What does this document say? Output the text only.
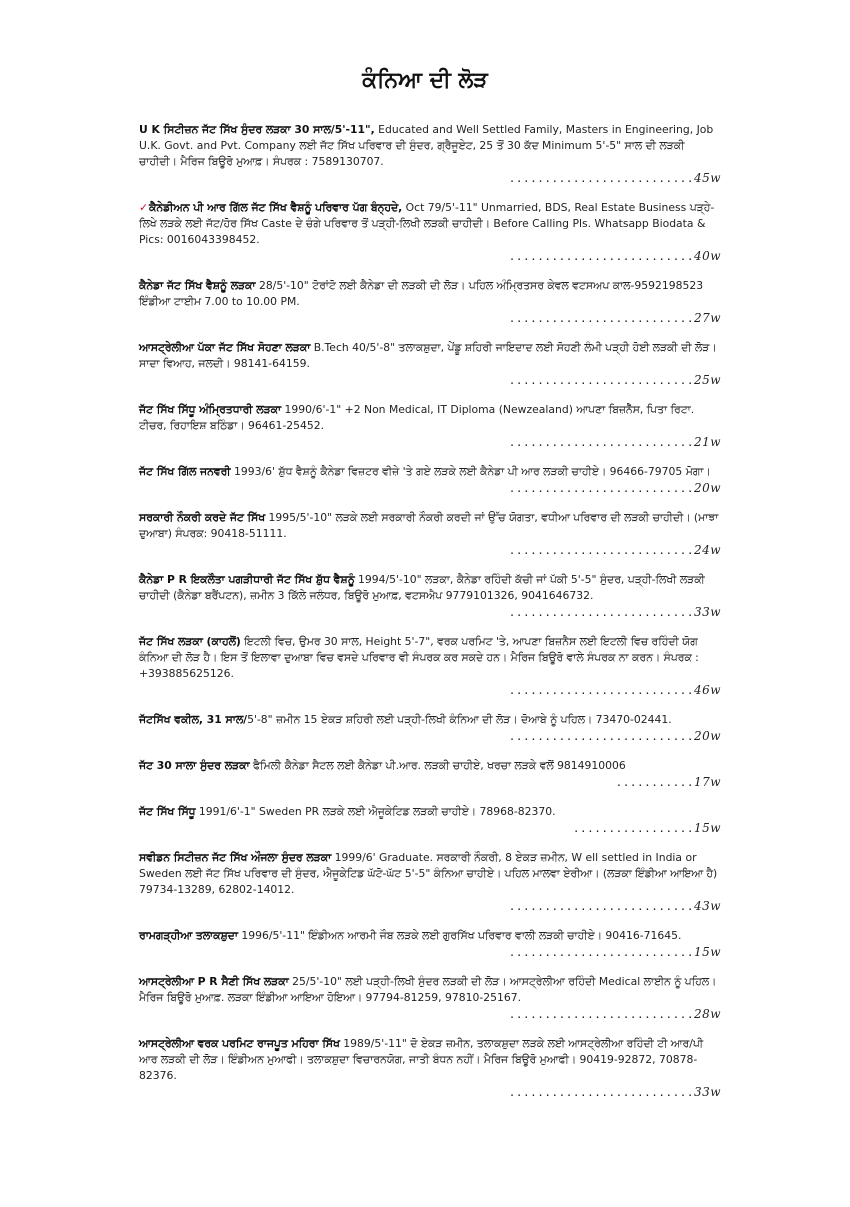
ਕੰਨਿਆ ਦੀ ਲੋੜ
U K ਸਿਟੀਜ਼ਨ ਜੱਟ ਸਿੱਖ ਸੁੰਦਰ ਲੜਕਾ 30 ਸਾਲ/5'-11", Educated and Well Settled Family, Masters in Engineering, Job U.K. Govt. and Pvt. Company ਲਈ ਜੱਟ ਸਿੱਖ ਪਰਿਵਾਰ ਦੀ ਸੁੰਦਰ, ਗ੍ਰੈਜੂਏਟ, 25 ਤੋਂ 30 ਕੱਦ Minimum 5'-5" ਸਾਲ ਦੀ ਲੜਕੀ ਚਾਹੀਦੀ। ਮੈਰਿਜ ਬਿਊਰੋ ਮੁਆਫ਼। ਸੰਪਰਕ : 7589130707.
..........................45w
✓ਕੈਨੇਡੀਅਨ ਪੀ ਆਰ ਗਿੱਲ ਜੱਟ ਸਿੱਖ ਵੈਸ਼ਨੂੰ ਪਰਿਵਾਰ ਪੱਗ ਬੰਨ੍ਹਦੇ, Oct 79/5'-11" Unmarried, BDS, Real Estate Business ਪੜ੍ਹੇ-ਲਿਖੇ ਲੜਕੇ ਲਈ ਜੱਟ/ਹੋਰ ਸਿੱਖ Caste ਦੇ ਚੰਗੇ ਪਰਿਵਾਰ ਤੋਂ ਪੜ੍ਹੀ-ਲਿਖੀ ਲੜਕੀ ਚਾਹੀਦੀ। Before Calling Pls. Whatsapp Biodata & Pics: 0016043398452.
..........................40w
ਕੈਨੇਡਾ ਜੱਟ ਸਿੱਖ ਵੈਸ਼ਨੂੰ ਲੜਕਾ 28/5'-10" ਟੋਰਾਂਟੋ ਲਈ ਕੈਨੇਡਾ ਦੀ ਲੜਕੀ ਦੀ ਲੋੜ। ਪਹਿਲ ਅੰਮ੍ਰਿਤਸਰ ਕੇਵਲ ਵਟਸਅਪ ਕਾਲ-9592198523 ਇੰਡੀਆ ਟਾਈਮ 7.00 to 10.00 PM.
..........................27w
ਆਸਟ੍ਰੇਲੀਆ ਪੱਕਾ ਜੱਟ ਸਿੱਖ ਸੋਹਣਾ ਲੜਕਾ B.Tech 40/5'-8" ਤਲਾਕਸ਼ੁਦਾ, ਪੇਂਡੂ ਸ਼ਹਿਰੀ ਜਾਇਦਾਦ ਲਈ ਸੋਹਣੀ ਲੰਮੀ ਪੜ੍ਹੀ ਹੋਈ ਲੜਕੀ ਦੀ ਲੋੜ। ਸਾਦਾ ਵਿਆਹ, ਜਲਦੀ। 98141-64159.
..........................25w
ਜੱਟ ਸਿੱਖ ਸਿੱਧੂ ਅੰਮ੍ਰਿਤਧਾਰੀ ਲੜਕਾ 1990/6'-1" +2 Non Medical, IT Diploma (Newzealand) ਆਪਣਾ ਬਿਜ਼ਨੈੱਸ, ਪਿਤਾ ਰਿਟਾ. ਟੀਚਰ, ਰਿਹਾਇਸ਼ ਬਠਿੰਡਾ। 96461-25452.
..........................21w
ਜੱਟ ਸਿੱਖ ਗਿੱਲ ਜਨਵਰੀ 1993/6' ਸ਼ੁੱਧ ਵੈਸ਼ਨੂੰ ਕੈਨੇਡਾ ਵਿਜ਼ਟਰ ਵੀਜ਼ੇ 'ਤੇ ਗਏ ਲੜਕੇ ਲਈ ਕੈਨੇਡਾ ਪੀ ਆਰ ਲੜਕੀ ਚਾਹੀਏ। 96466-79705 ਮੋਗਾ।
..........................20w
ਸਰਕਾਰੀ ਨੌਕਰੀ ਕਰਦੇ ਜੱਟ ਸਿੱਖ 1995/5'-10" ਲੜਕੇ ਲਈ ਸਰਕਾਰੀ ਨੌਕਰੀ ਕਰਦੀ ਜਾਂ ਉੱਚ ਯੋਗਤਾ, ਵਧੀਆ ਪਰਿਵਾਰ ਦੀ ਲੜਕੀ ਚਾਹੀਦੀ। (ਮਾਝਾ ਦੁਆਬਾ) ਸੰਪਰਕ: 90418-51111.
..........................24w
ਕੈਨੇਡਾ P R ਇਕਲੌਤਾ ਪਗੜੀਧਾਰੀ ਜੱਟ ਸਿੱਖ ਸ਼ੁੱਧ ਵੈਸ਼ਨੂੰ 1994/5'-10" ਲੜਕਾ, ਕੈਨੇਡਾ ਰਹਿੰਦੀ ਕੱਚੀ ਜਾਂ ਪੱਕੀ 5'-5" ਸੁੰਦਰ, ਪੜ੍ਹੀ-ਲਿਖੀ ਲੜਕੀ ਚਾਹੀਦੀ (ਕੈਨੇਡਾ ਬਰੈਂਪਟਨ), ਜ਼ਮੀਨ 3 ਕਿੱਲੇ ਜਲੰਧਰ, ਬਿਊਰੋ ਮੁਆਫ਼, ਵਟਸਐਪ 9779101326, 9041646732.
..........................33w
ਜੱਟ ਸਿੱਖ ਲੜਕਾ (ਕਾਹਲੋਂ) ਇਟਲੀ ਵਿਚ, ਉਮਰ 30 ਸਾਲ, Height 5'-7", ਵਰਕ ਪਰਮਿਟ 'ਤੇ, ਆਪਣਾ ਬਿਜ਼ਨੈਸ ਲਈ ਇਟਲੀ ਵਿਚ ਰਹਿੰਦੀ ਯੋਗ ਕੰਨਿਆ ਦੀ ਲੋੜ ਹੈ। ਇਸ ਤੋਂ ਇਲਾਵਾ ਦੁਆਬਾ ਵਿਚ ਵਸਦੇ ਪਰਿਵਾਰ ਵੀ ਸੰਪਰਕ ਕਰ ਸਕਦੇ ਹਨ। ਮੈਰਿਜ ਬਿਊਰੋ ਵਾਲੇ ਸੰਪਰਕ ਨਾ ਕਰਨ। ਸੰਪਰਕ : +393885625126.
..........................46w
ਜੱਟਸਿੱਖ ਵਕੀਲ, 31 ਸਾਲ/5'-8" ਜ਼ਮੀਨ 15 ਏਕੜ ਸ਼ਹਿਰੀ ਲਈ ਪੜ੍ਹੀ-ਲਿਖੀ ਕੰਨਿਆ ਦੀ ਲੋੜ। ਦੋਆਬੇ ਨੂੰ ਪਹਿਲ। 73470-02441.
..........................20w
ਜੱਟ 30 ਸਾਲਾ ਸੁੰਦਰ ਲੜਕਾ ਫੈਮਿਲੀ ਕੈਨੇਡਾ ਸੈਟਲ ਲਈ ਕੈਨੇਡਾ ਪੀ.ਆਰ. ਲੜਕੀ ਚਾਹੀਏ, ਖਰਚਾ ਲੜਕੇ ਵਲੋਂ 9814910006
...........17w
ਜੱਟ ਸਿੱਖ ਸਿੱਧੂ 1991/6'-1" Sweden PR ਲੜਕੇ ਲਈ ਐਜੂਕੇਟਿਡ ਲੜਕੀ ਚਾਹੀਏ। 78968-82370.
.................15w
ਸਵੀਡਨ ਸਿਟੀਜ਼ਨ ਜੱਟ ਸਿੱਖ ਔਜਲਾ ਸੁੰਦਰ ਲੜਕਾ 1999/6' Graduate. ਸਰਕਾਰੀ ਨੌਕਰੀ, 8 ਏਕੜ ਜ਼ਮੀਨ, W ell settled in India or Sweden ਲਈ ਜੱਟ ਸਿੱਖ ਪਰਿਵਾਰ ਦੀ ਸੁੰਦਰ, ਐਜੂਕੇਟਿਡ ਘੱਟੋ-ਘੱਟ 5'-5" ਕੰਨਿਆ ਚਾਹੀਏ। ਪਹਿਲ ਮਾਲਵਾ ਏਰੀਆ। (ਲੜਕਾ ਇੰਡੀਆ ਆਇਆ ਹੈ) 79734-13289, 62802-14012.
..........................43w
ਰਾਮਗੜ੍ਹੀਆ ਤਲਾਕਸ਼ੁਦਾ 1996/5'-11" ਇੰਡੀਅਨ ਆਰਮੀ ਜੌਬ ਲੜਕੇ ਲਈ ਗੁਰਸਿੱਖ ਪਰਿਵਾਰ ਵਾਲੀ ਲੜਕੀ ਚਾਹੀਏ। 90416-71645.
..........................15w
ਆਸਟ੍ਰੇਲੀਆ P R ਸੈਣੀ ਸਿੱਖ ਲੜਕਾ 25/5'-10" ਲਈ ਪੜ੍ਹੀ-ਲਿਖੀ ਸੁੰਦਰ ਲੜਕੀ ਦੀ ਲੋੜ। ਆਸਟ੍ਰੇਲੀਆ ਰਹਿੰਦੀ Medical ਲਾਈਨ ਨੂੰ ਪਹਿਲ। ਮੈਰਿਜ ਬਿਊਰੋ ਮੁਆਫ਼. ਲੜਕਾ ਇੰਡੀਆ ਆਇਆ ਹੋਇਆ। 97794-81259, 97810-25167.
..........................28w
ਆਸਟ੍ਰੇਲੀਆ ਵਰਕ ਪਰਮਿਟ ਰਾਜਪੂਤ ਮਹਿਰਾ ਸਿੱਖ 1989/5'-11" ਦੋ ਏਕੜ ਜ਼ਮੀਨ, ਤਲਾਕਸ਼ੁਦਾ ਲੜਕੇ ਲਈ ਆਸਟ੍ਰੇਲੀਆ ਰਹਿੰਦੀ ਟੀ ਆਰ/ਪੀ ਆਰ ਲੜਕੀ ਦੀ ਲੋੜ। ਇੰਡੀਅਨ ਮੁਆਫੀ। ਤਲਾਕਸ਼ੁਦਾ ਵਿਚਾਰਨਯੋਗ, ਜਾਤੀ ਬੰਧਨ ਨਹੀਂ। ਮੈਰਿਜ ਬਿਊਰੋ ਮੁਆਫੀ। 90419-92872, 70878-82376.
..........................33w
